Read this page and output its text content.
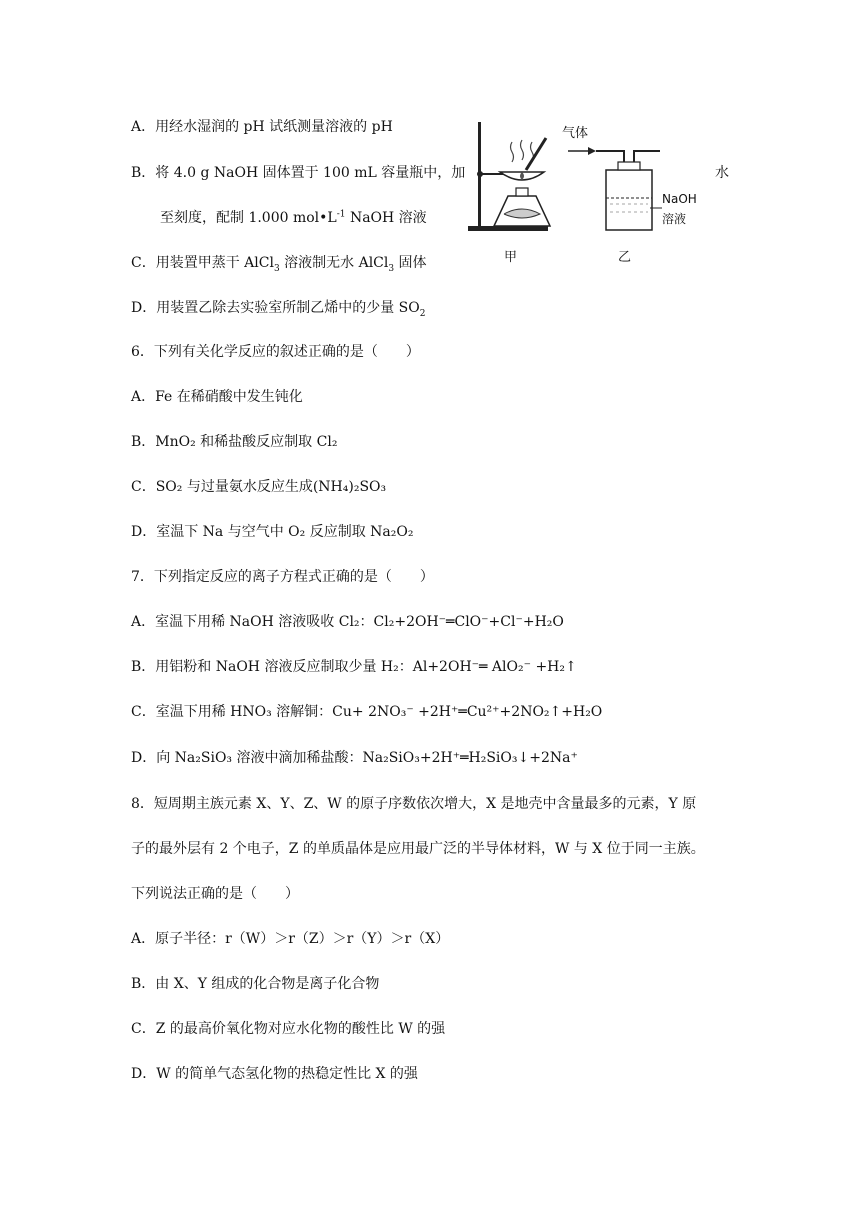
A．用经水湿润的 pH 试纸测量溶液的 pH
B．将 4.0 g NaOH 固体置于 100 mL 容量瓶中，加	水
至刻度，配制 1.000 $mol•L^{-1}$ NaOH 溶液
C．用装置甲蒸干 AlCl$_3$ 溶液制无水 AlCl$_3$ 固体
D．用装置乙除去实验室所制乙烯中的少量 $SO_2$
气体
NaOH
溶液
甲	乙
6．下列有关化学反应的叙述正确的是（　　）
A．Fe 在稀硝酸中发生钝化
B．MnO₂ 和稀盐酸反应制取 Cl₂
C．SO₂ 与过量氨水反应生成(NH₄)₂SO₃
D．室温下 Na 与空气中 O₂ 反应制取 Na₂O₂
7．下列指定反应的离子方程式正确的是（　　）
A．室温下用稀 NaOH 溶液吸收 Cl₂：Cl₂+2OH⁻═ClO⁻+Cl⁻+H₂O
B．用铝粉和 NaOH 溶液反应制取少量 H₂：Al+2OH⁻═ AlO₂⁻ +H₂↑
C．室温下用稀 HNO₃ 溶解铜：Cu+ 2NO₃⁻ +2H⁺═Cu²⁺+2NO₂↑+H₂O
D．向 Na₂SiO₃ 溶液中滴加稀盐酸：Na₂SiO₃+2H⁺═H₂SiO₃↓+2Na⁺
8．短周期主族元素 X、Y、Z、W 的原子序数依次增大，X 是地壳中含量最多的元素，Y 原
子的最外层有 2 个电子，Z 的单质晶体是应用最广泛的半导体材料，W 与 X 位于同一主族。
下列说法正确的是（　　）
A．原子半径：r（W）＞r（Z）＞r（Y）＞r（X）
B．由 X、Y 组成的化合物是离子化合物
C．Z 的最高价氧化物对应水化物的酸性比 W 的强
D．W 的简单气态氢化物的热稳定性比 X 的强
